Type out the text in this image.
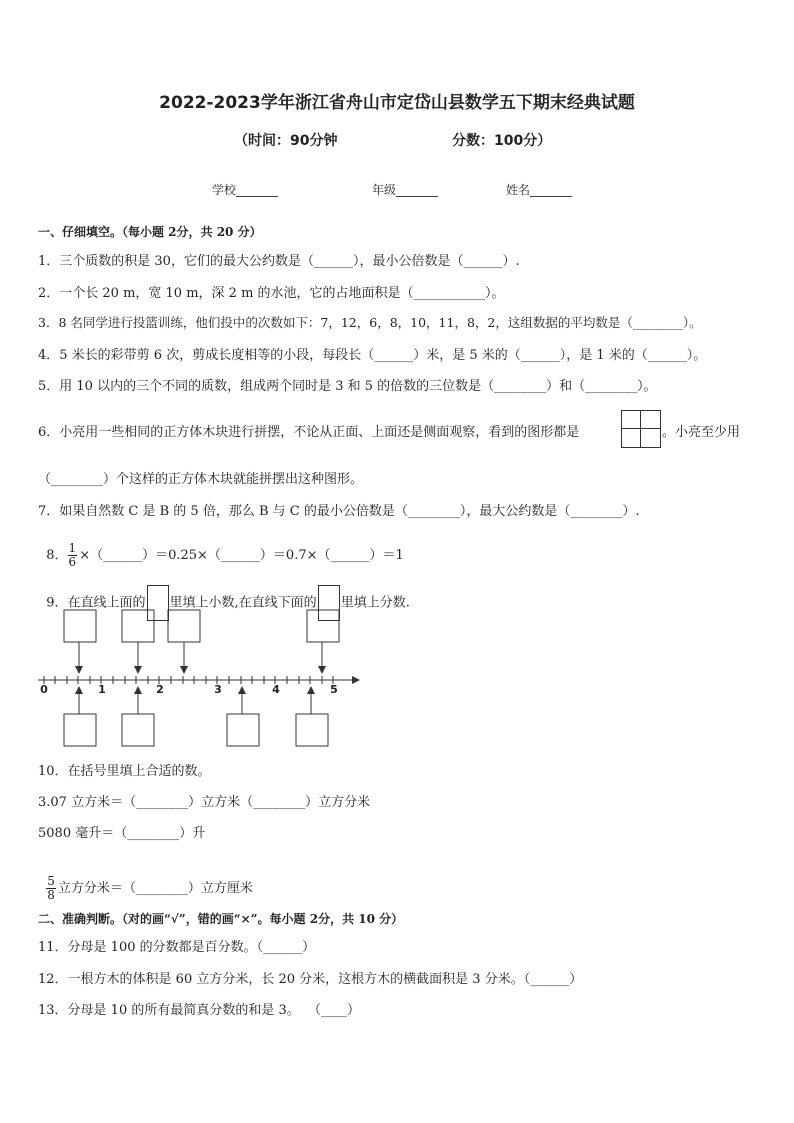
2022-2023学年浙江省舟山市定岱山县数学五下期末经典试题
（时间：90分钟	分数：100分）
学校_______	年级_______	姓名_______
一、仔细填空。（每小题 2分，共 20 分）
1．三个质数的积是 30，它们的最大公约数是（______），最小公倍数是（______）.
2．一个长 20 m，宽 10 m，深 2 m 的水池，它的占地面积是（___________）。
3．8 名同学进行投篮训练，他们投中的次数如下：7，12，6，8，10，11，8，2，这组数据的平均数是（________）。
4．5 米长的彩带剪 6 次，剪成长度相等的小段，每段长（______）米，是 5 米的（______），是 1 米的（______）。
5．用 10 以内的三个不同的质数，组成两个同时是 3 和 5 的倍数的三位数是（________）和（________）。
6．小亮用一些相同的正方体木块进行拼摆，不论从正面、上面还是侧面观察，看到的图形都是	。小亮至少用
（________）个这样的正方体木块就能拼摆出这种图形。
7．如果自然数 C 是 B 的 5 倍，那么 B 与 C 的最小公倍数是（________），最大公约数是（________）.

8． $\frac{1}{6}$ ×（______）＝0.25×（______）＝0.7×（______）＝1

9．在直线上面的 里填上小数,在直线下面的 里填上分数.

0	1	2	3	4	5
10．在括号里填上合适的数。
3.07 立方米＝（________）立方米（________）立方分米
5080 毫升＝（________）升

$\frac{5}{8}$ 立方分米＝（________）立方厘米

二、准确判断。（对的画“√”，错的画“×”。每小题 2分，共 10 分）
11．分母是 100 的分数都是百分数。（______）
12．一根方木的体积是 60 立方分米，长 20 分米，这根方木的横截面积是 3 分米。（______）
13．分母是 10 的所有最简真分数的和是 3。  （____）
